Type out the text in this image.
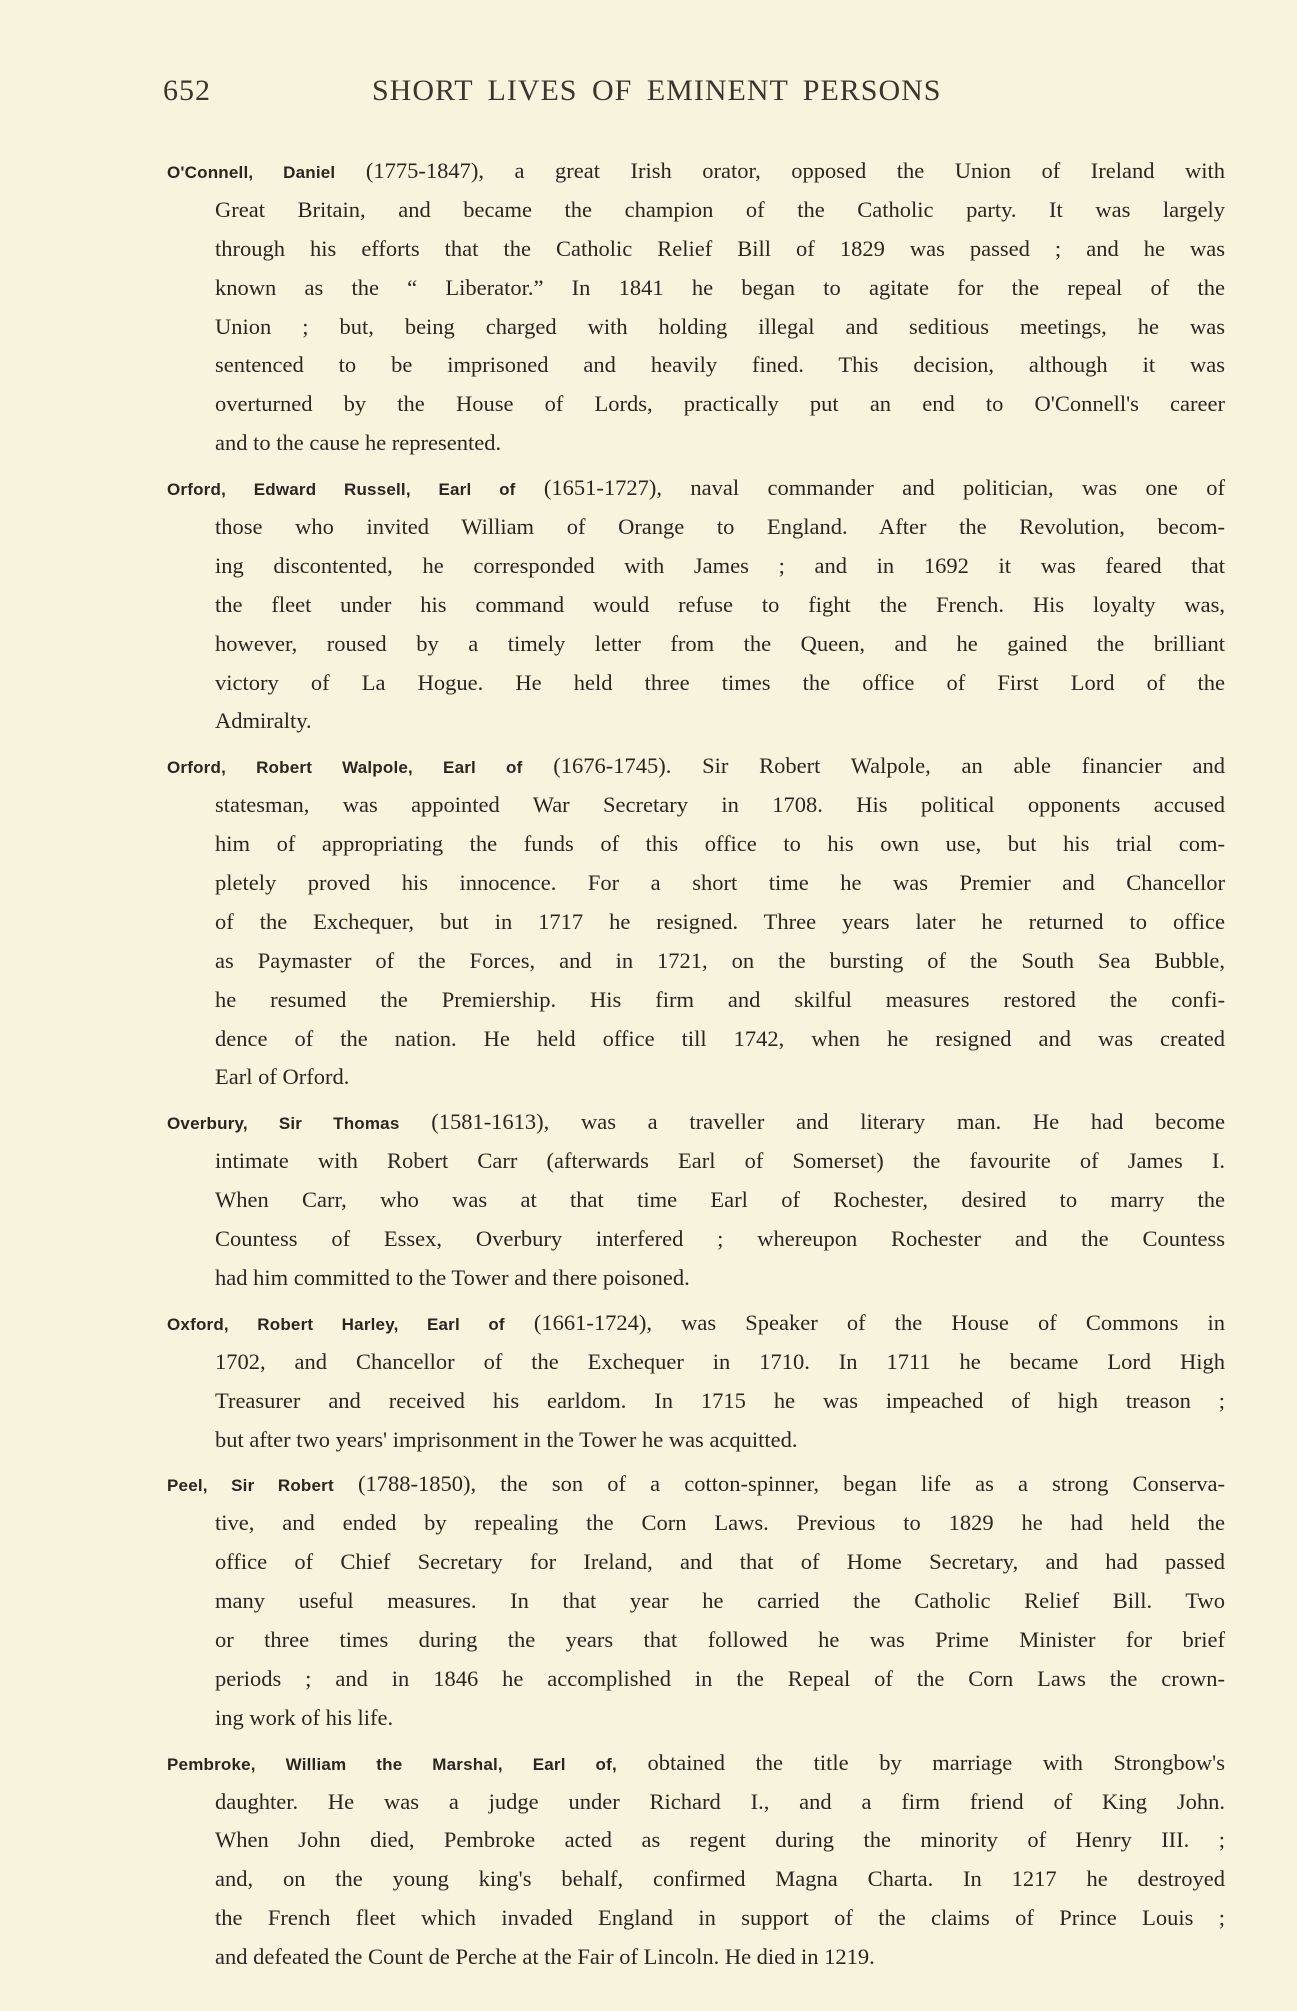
652	SHORT LIVES OF EMINENT PERSONS
O'Connell, Daniel (1775-1847), a great Irish orator, opposed the Union of Ireland with
Great Britain, and became the champion of the Catholic party. It was largely
through his efforts that the Catholic Relief Bill of 1829 was passed ; and he was
known as the “ Liberator.” In 1841 he began to agitate for the repeal of the
Union ; but, being charged with holding illegal and seditious meetings, he was
sentenced to be imprisoned and heavily fined. This decision, although it was
overturned by the House of Lords, practically put an end to O'Connell's career
and to the cause he represented.
Orford, Edward Russell, Earl of (1651-1727), naval commander and politician, was one of
those who invited William of Orange to England. After the Revolution, becom-
ing discontented, he corresponded with James ; and in 1692 it was feared that
the fleet under his command would refuse to fight the French. His loyalty was,
however, roused by a timely letter from the Queen, and he gained the brilliant
victory of La Hogue. He held three times the office of First Lord of the
Admiralty.
Orford, Robert Walpole, Earl of (1676-1745). Sir Robert Walpole, an able financier and
statesman, was appointed War Secretary in 1708. His political opponents accused
him of appropriating the funds of this office to his own use, but his trial com-
pletely proved his innocence. For a short time he was Premier and Chancellor
of the Exchequer, but in 1717 he resigned. Three years later he returned to office
as Paymaster of the Forces, and in 1721, on the bursting of the South Sea Bubble,
he resumed the Premiership. His firm and skilful measures restored the confi-
dence of the nation. He held office till 1742, when he resigned and was created
Earl of Orford.
Overbury, Sir Thomas (1581-1613), was a traveller and literary man. He had become
intimate with Robert Carr (afterwards Earl of Somerset) the favourite of James I.
When Carr, who was at that time Earl of Rochester, desired to marry the
Countess of Essex, Overbury interfered ; whereupon Rochester and the Countess
had him committed to the Tower and there poisoned.
Oxford, Robert Harley, Earl of (1661-1724), was Speaker of the House of Commons in
1702, and Chancellor of the Exchequer in 1710. In 1711 he became Lord High
Treasurer and received his earldom. In 1715 he was impeached of high treason ;
but after two years' imprisonment in the Tower he was acquitted.
Peel, Sir Robert (1788-1850), the son of a cotton-spinner, began life as a strong Conserva-
tive, and ended by repealing the Corn Laws. Previous to 1829 he had held the
office of Chief Secretary for Ireland, and that of Home Secretary, and had passed
many useful measures. In that year he carried the Catholic Relief Bill. Two
or three times during the years that followed he was Prime Minister for brief
periods ; and in 1846 he accomplished in the Repeal of the Corn Laws the crown-
ing work of his life.
Pembroke, William the Marshal, Earl of, obtained the title by marriage with Strongbow's
daughter. He was a judge under Richard I., and a firm friend of King John.
When John died, Pembroke acted as regent during the minority of Henry III. ;
and, on the young king's behalf, confirmed Magna Charta. In 1217 he destroyed
the French fleet which invaded England in support of the claims of Prince Louis ;
and defeated the Count de Perche at the Fair of Lincoln. He died in 1219.
